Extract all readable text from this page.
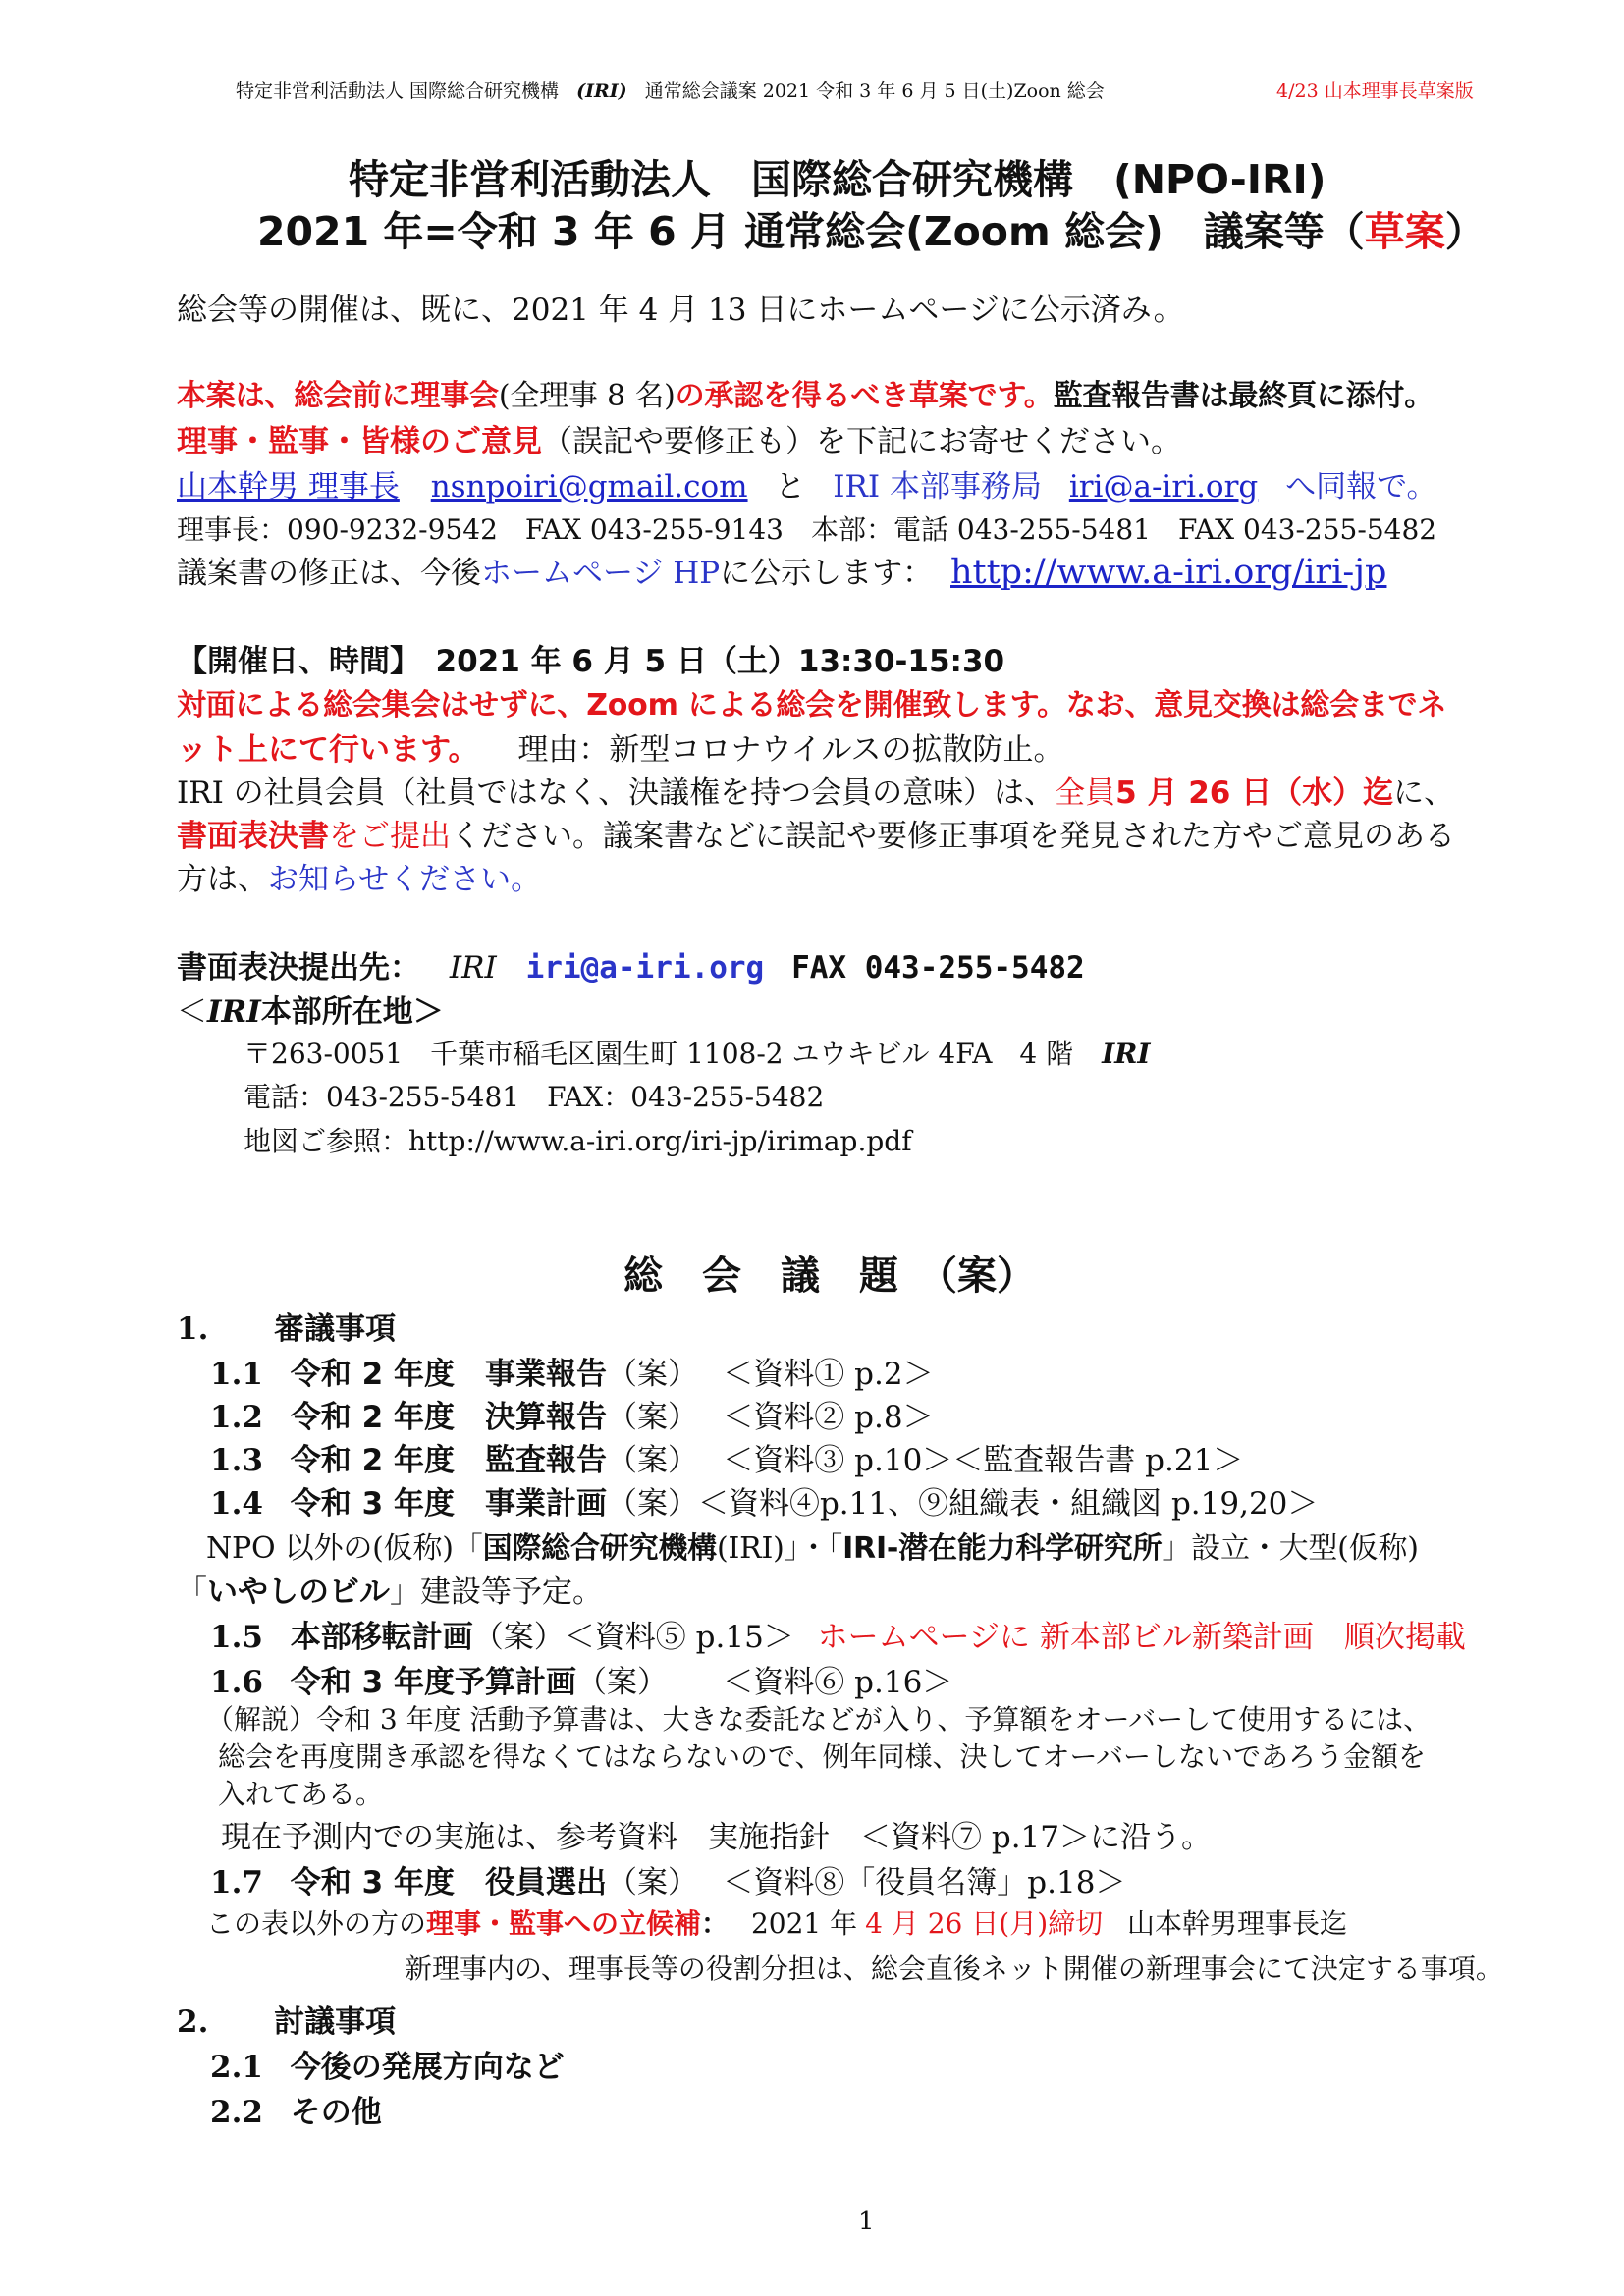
特定非営利活動法人 国際総合研究機構 (IRI) 通常総会議案 2021 令和 3 年 6 月 5 日(土)Zoon 総会	4/23 山本理事長草案版
特定非営利活動法人　国際総合研究機構　(NPO-IRI)
2021 年=令和 3 年 6 月 通常総会(Zoom 総会)　議案等（草案）
総会等の開催は、既に、2021 年 4 月 13 日にホームページに公示済み。
本案は、総会前に理事会(全理事 8 名)の承認を得るべき草案です。監査報告書は最終頁に添付。
理事・監事・皆様のご意見（誤記や要修正も）を下記にお寄せください。
山本幹男 理事長 nsnpoiri@gmail.com と IRI 本部事務局 iri@a-iri.org へ同報で。
理事長：090-9232-9542　FAX 043-255-9143　本部：電話 043-255-5481　FAX 043-255-5482
議案書の修正は、今後ホームページ HPに公示します： http://www.a-iri.org/iri-jp
【開催日、時間】　2021 年 6 月 5 日（土）13:30-15:30
対面による総会集会はせずに、Zoom による総会を開催致します。なお、意見交換は総会までネ
ット上にて行います。 理由：新型コロナウイルスの拡散防止。
IRI の社員会員（社員ではなく、決議権を持つ会員の意味）は、全員5 月 26 日（水）迄に、
書面表決書をご提出ください。議案書などに誤記や要修正事項を発見された方やご意見のある
方は、お知らせください。
書面表決提出先： IRI iri@a-iri.org FAX 043-255-5482
＜IRI本部所在地＞
〒263-0051　千葉市稲毛区園生町 1108-2 ユウキビル 4FA　4 階 IRI
電話：043-255-5481　FAX：043-255-5482
地図ご参照：http://www.a-iri.org/iri-jp/irimap.pdf
総　会　議　題　（案）
1. 審議事項
1.1 令和 2 年度　事業報告（案）　 ＜資料① p.2＞
1.2 令和 2 年度　決算報告（案）　 ＜資料② p.8＞
1.3 令和 2 年度　監査報告（案）　 ＜資料③ p.10＞＜監査報告書 p.21＞
1.4 令和 3 年度　事業計画（案）＜資料④p.11、⑨組織表・組織図 p.19,20＞
NPO 以外の(仮称)「国際総合研究機構(IRI)」・「IRI-潜在能力科学研究所」設立・大型(仮称)
「いやしのビル」建設等予定。
1.5 本部移転計画（案）＜資料⑤ p.15＞ ホームページに 新本部ビル新築計画　順次掲載
1.6 令和 3 年度予算計画（案）　　 ＜資料⑥ p.16＞
（解説）令和 3 年度 活動予算書は、大きな委託などが入り、予算額をオーバーして使用するには、
総会を再度開き承認を得なくてはならないので、例年同様、決してオーバーしないであろう金額を
入れてある。
現在予測内での実施は、参考資料　実施指針　＜資料⑦ p.17＞に沿う。
1.7 令和 3 年度　役員選出（案）　 ＜資料⑧「役員名簿」p.18＞
この表以外の方の理事・監事への立候補： 2021 年 4 月 26 日(月)締切 山本幹男理事長迄
新理事内の、理事長等の役割分担は、総会直後ネット開催の新理事会にて決定する事項。
2. 討議事項
2.1 今後の発展方向など
2.2 その他
1
